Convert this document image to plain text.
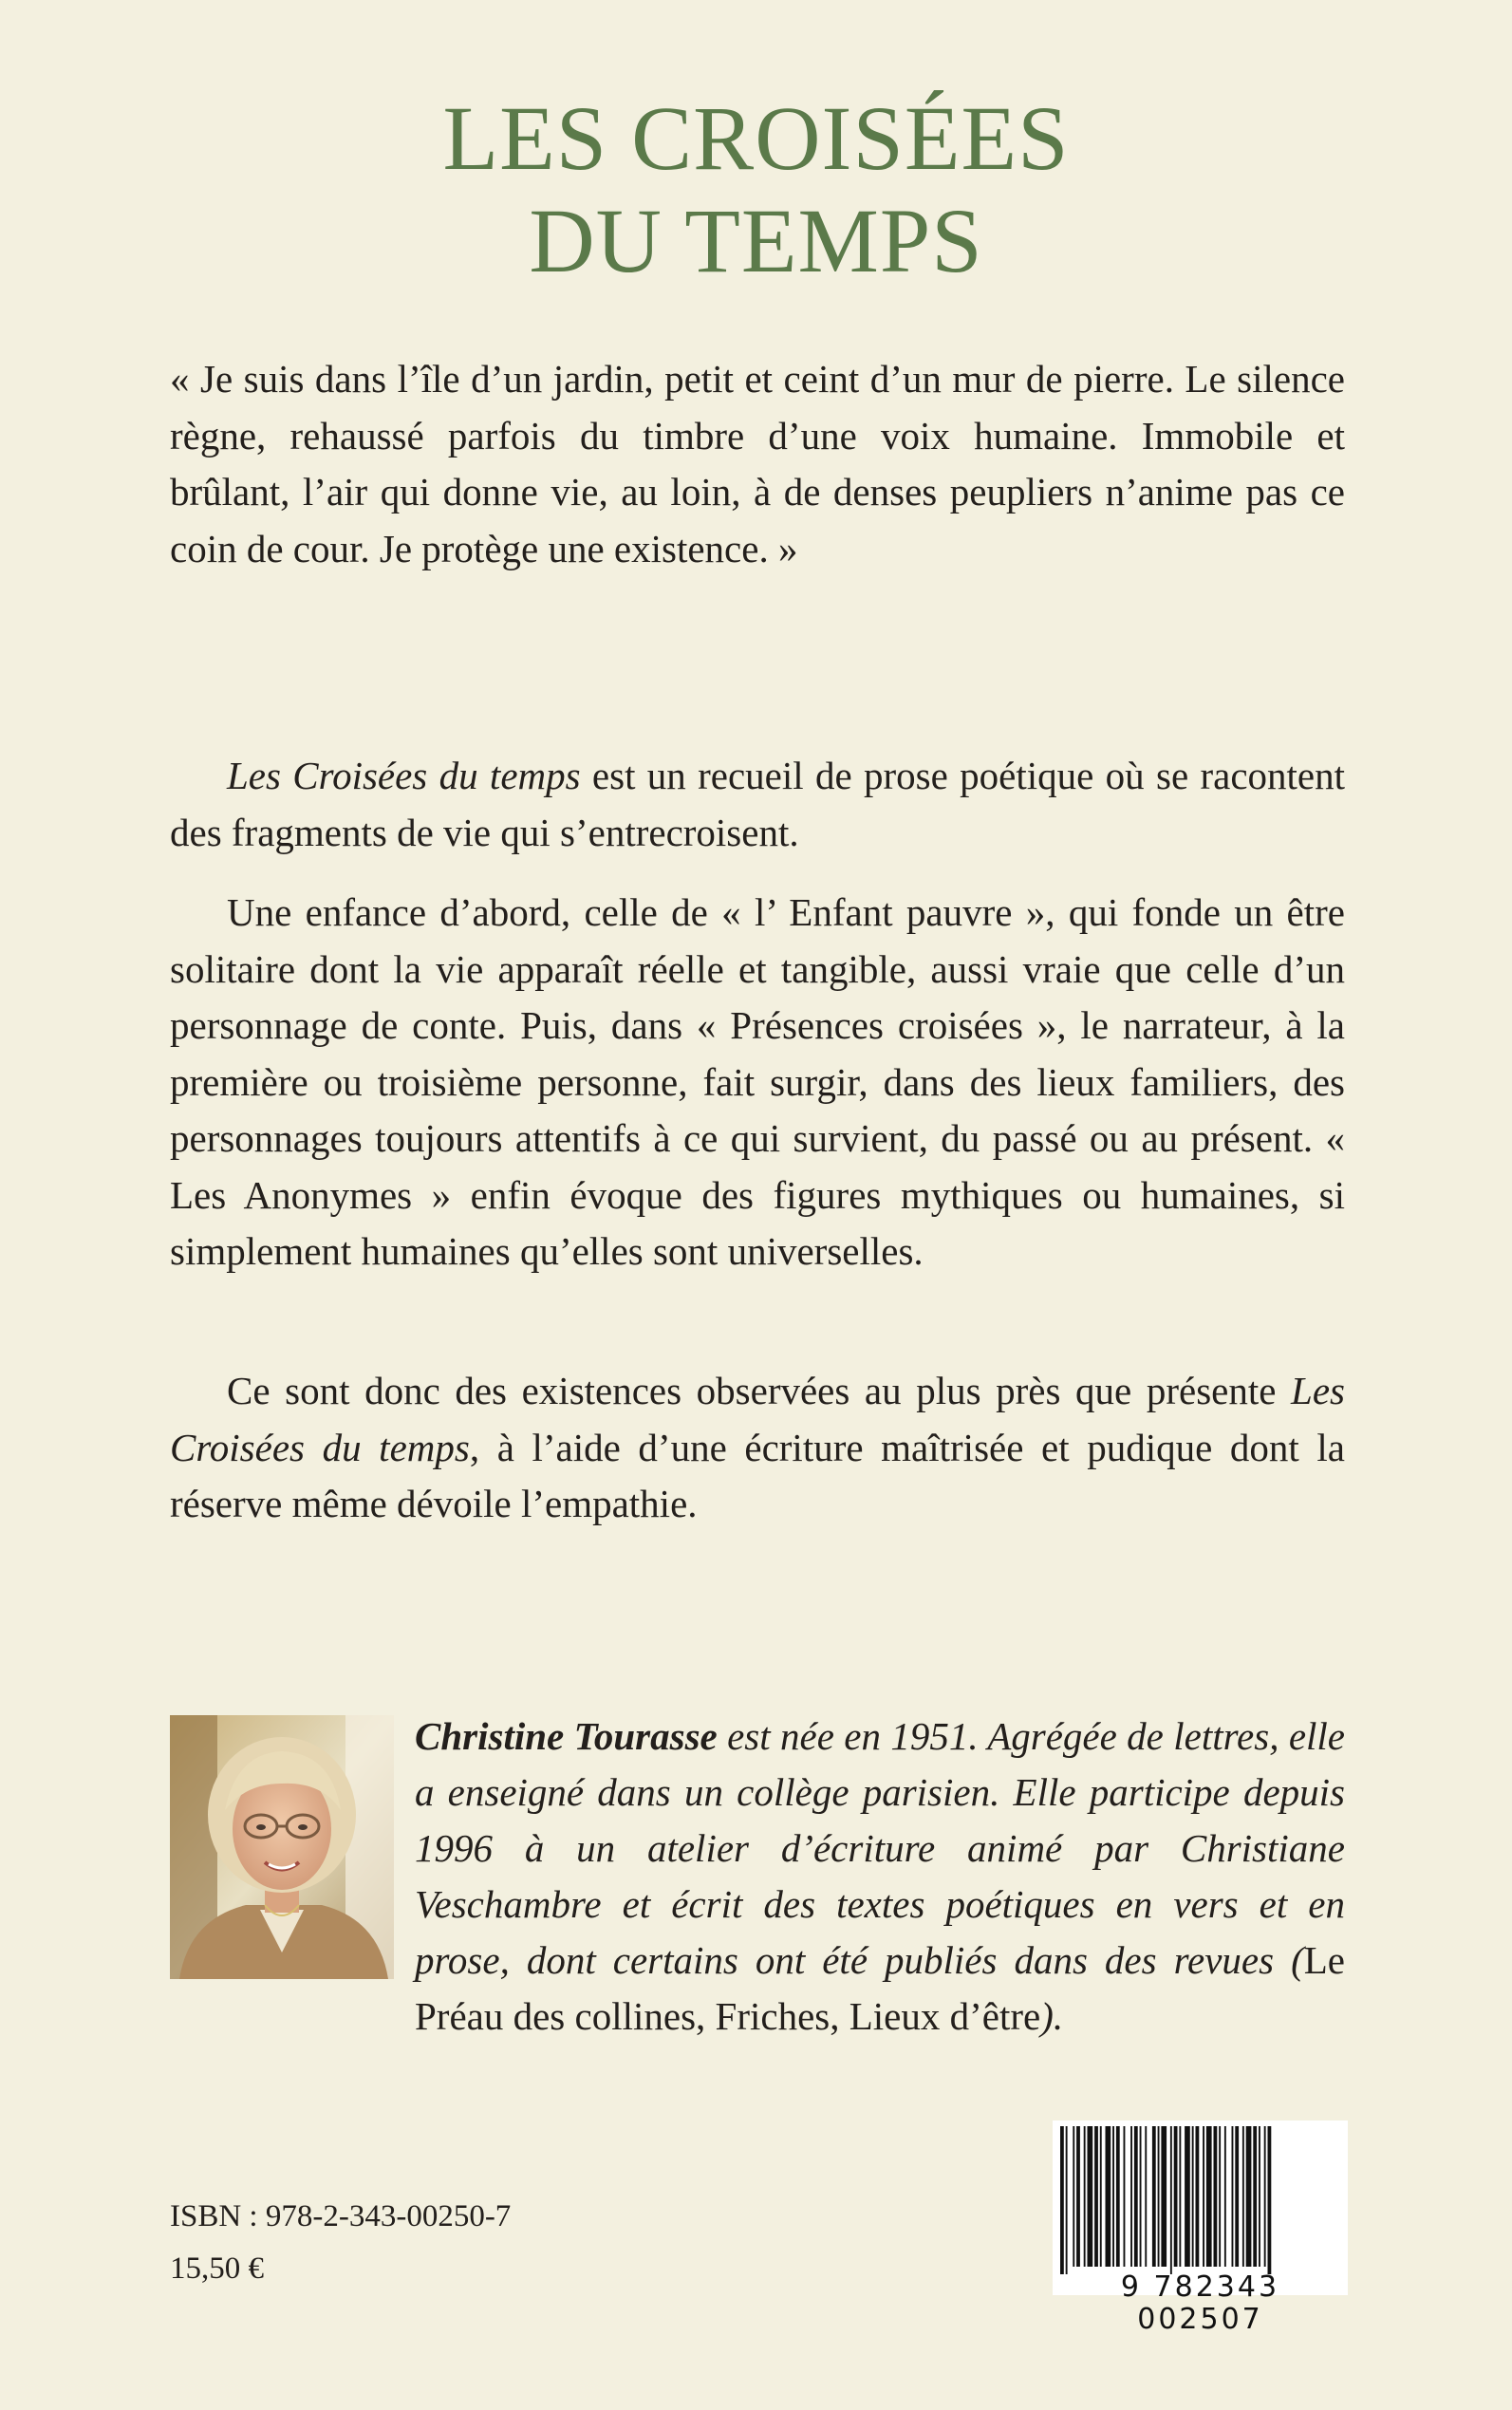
LES CROISÉES
DU TEMPS

« Je suis dans l’île d’un jardin, petit et ceint d’un mur de pierre. Le silence règne, rehaussé parfois du timbre d’une voix humaine. Immobile et brûlant, l’air qui donne vie, au loin, à de denses peupliers n’anime pas ce coin de cour. Je protège une existence. »

Les Croisées du temps est un recueil de prose poétique où se racontent des fragments de vie qui s’entrecroisent.

Une enfance d’abord, celle de « l’ Enfant pauvre », qui fonde un être solitaire dont la vie apparaît réelle et tangible, aussi vraie que celle d’un personnage de conte. Puis, dans « Présences croisées », le narrateur, à la première ou troisième personne, fait surgir, dans des lieux familiers, des personnages toujours attentifs à ce qui survient, du passé ou au présent. « Les Anonymes » enfin évoque des figures mythiques ou humaines, si simplement humaines qu’elles sont universelles.

Ce sont donc des existences observées au plus près que présente Les Croisées du temps, à l’aide d’une écriture maîtrisée et pudique dont la réserve même dévoile l’empathie.

Christine Tourasse est née en 1951. Agrégée de lettres, elle a enseigné dans un collège parisien. Elle participe depuis 1996 à un atelier d’écriture animé par Christiane Veschambre et écrit des textes poétiques en vers et en prose, dont certains ont été publiés dans des revues (Le Préau des collines, Friches, Lieux d’être).

ISBN : 978-2-343-00250-7

15,50 €

9 782343 002507
